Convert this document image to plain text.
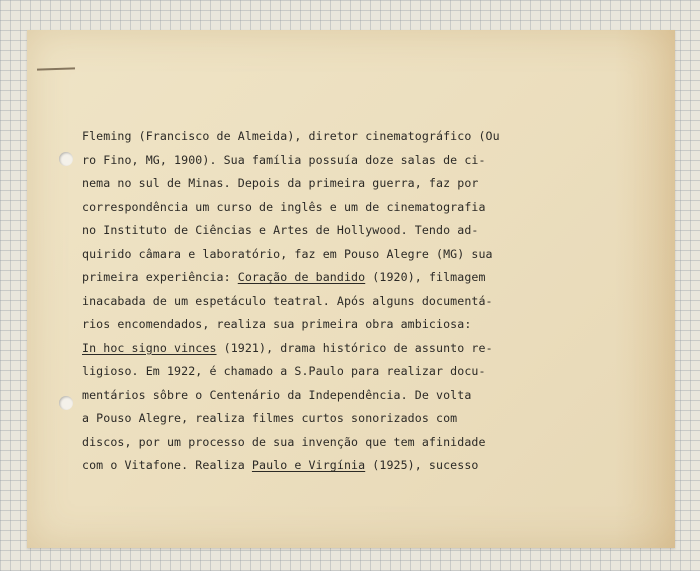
Fleming (Francisco de Almeida), diretor cinematográfico (Ou
ro Fino, MG, 1900). Sua família possuía doze salas de ci-
nema no sul de Minas. Depois da primeira guerra, faz por
correspondência um curso de inglês e um de cinematografia
no Instituto de Ciências e Artes de Hollywood. Tendo ad-
quirido câmara e laboratório, faz em Pouso Alegre (MG) sua
primeira experiência: Coração de bandido (1920), filmagem
inacabada de um espetáculo teatral. Após alguns documentá-
rios encomendados, realiza sua primeira obra ambiciosa:
In hoc signo vinces (1921), drama histórico de assunto re-
ligioso. Em 1922, é chamado a S.Paulo para realizar docu-
mentários sôbre o Centenário da Independência. De volta
a Pouso Alegre, realiza filmes curtos sonorizados com
discos, por um processo de sua invenção que tem afinidade
com o Vitafone. Realiza Paulo e Virgínia (1925), sucesso
